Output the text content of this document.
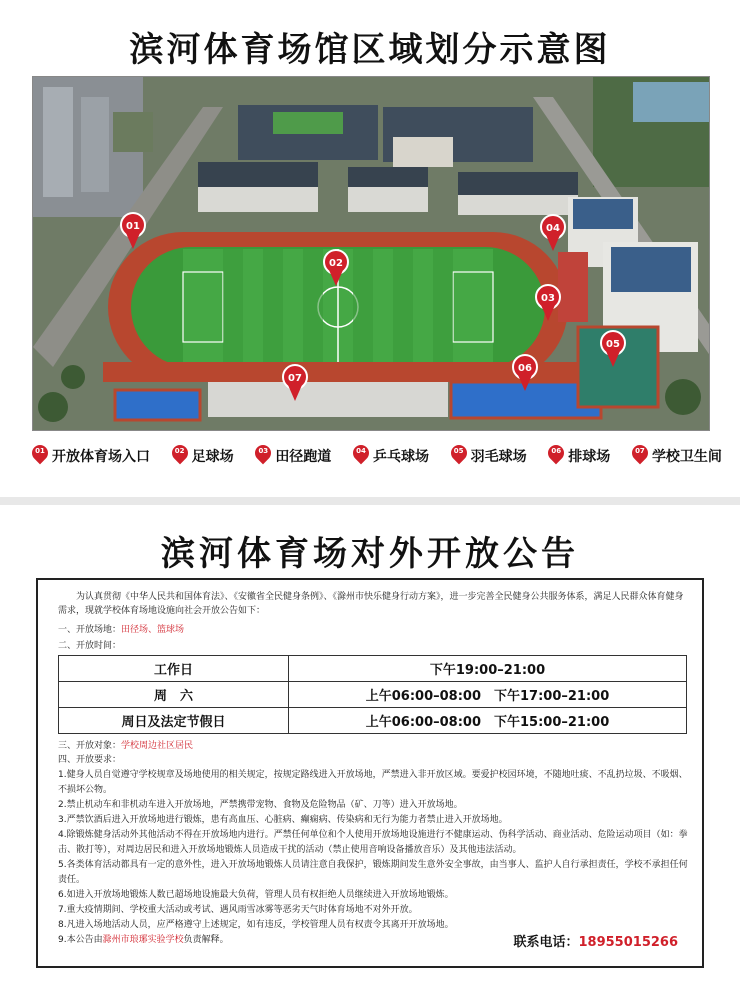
滨河体育场馆区域划分示意图
01
02
03
04
05
06
07
01 开放体育场入口	02 足球场	03 田径跑道	04 乒乓球场	05 羽毛球场	06 排球场	07 学校卫生间
滨河体育场对外开放公告
为认真贯彻《中华人民共和国体育法》、《安徽省全民健身条例》、《滁州市快乐健身行动方案》，进一步完善全民健身公共服务体系，满足人民群众体育健身需求，现就学校体育场地设施向社会开放公告如下：
一、开放场地：田径场、篮球场
二、开放时间：
工作日	下午19:00–21:00
周　六	上午06:00–08:00　下午17:00–21:00
周日及法定节假日	上午06:00–08:00　下午15:00–21:00
三、开放对象：学校周边社区居民
四、开放要求：

1.健身人员自觉遵守学校规章及场地使用的相关规定，按规定路线进入开放场地，严禁进入非开放区域。要爱护校园环境，不随地吐痰、不乱扔垃圾、不吸烟、不损坏公物。

2.禁止机动车和非机动车进入开放场地，严禁携带宠物、食物及危险物品（矿、刀等）进入开放场地。

3.严禁饮酒后进入开放场地进行锻炼，患有高血压、心脏病、癫痫病、传染病和无行为能力者禁止进入开放场地。

4.除锻炼健身活动外其他活动不得在开放场地内进行。严禁任何单位和个人使用开放场地设施进行不健康运动、伪科学活动、商业活动、危险运动项目（如：拳击、散打等），对周边居民和进入开放场地锻炼人员造成干扰的活动（禁止使用音响设备播放音乐）及其他违法活动。

5.各类体育活动都具有一定的意外性，进入开放场地锻炼人员请注意自我保护，锻炼期间发生意外安全事故，由当事人、监护人自行承担责任，学校不承担任何责任。

6.如进入开放场地锻炼人数已超场地设施最大负荷，管理人员有权拒绝人员继续进入开放场地锻炼。

7.重大疫情期间、学校重大活动或考试、遇风雨雪冰雾等恶劣天气时体育场地不对外开放。

8.凡进入场地活动人员，应严格遵守上述规定，如有违反，学校管理人员有权责令其离开开放场地。

9.本公告由滁州市琅琊实验学校负责解释。	联系电话：18955015266
